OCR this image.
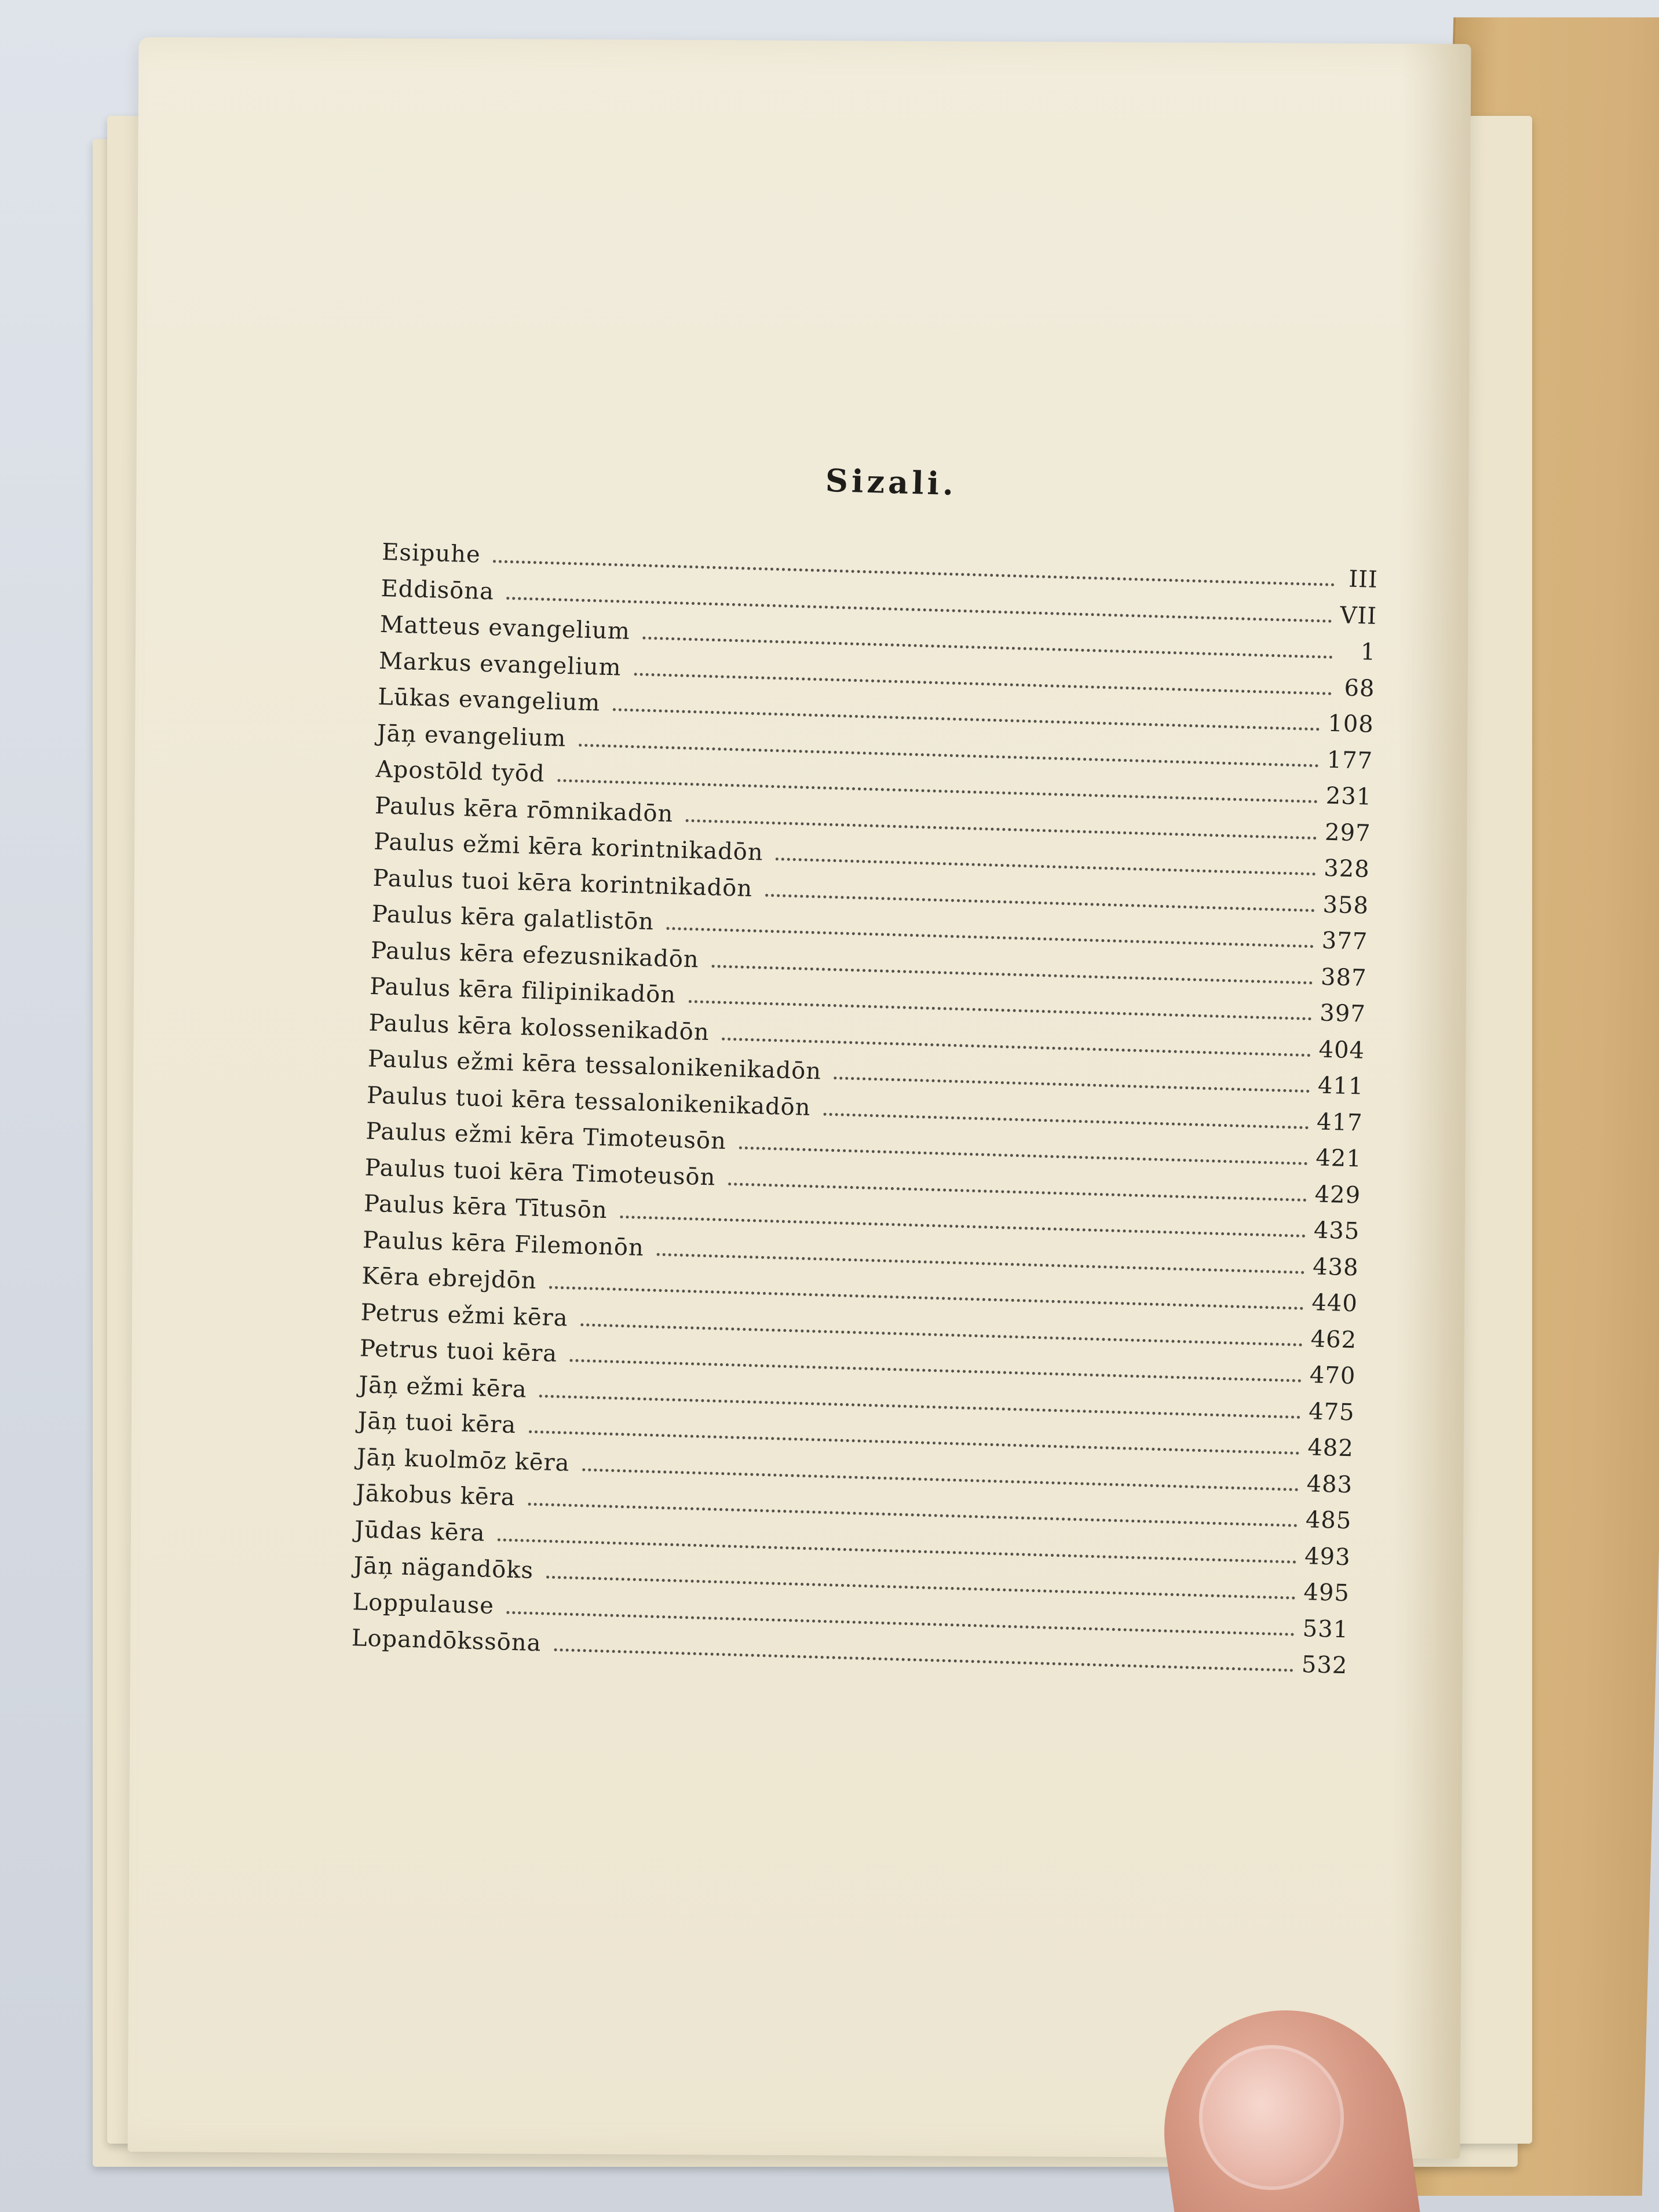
Sizali.
Esipuhe
III
Eddisōna
VII
Matteus evangelium
1
Markus evangelium
68
Lūkas evangelium
108
Jāņ evangelium
177
Apostōld tyōd
231
Paulus kēra rōmnikadōn
297
Paulus ežmi kēra korintnikadōn
328
Paulus tuoi kēra korintnikadōn
358
Paulus kēra galatlistōn
377
Paulus kēra efezusnikadōn
387
Paulus kēra filipinikadōn
397
Paulus kēra kolossenikadōn
404
Paulus ežmi kēra tessalonikenikadōn
411
Paulus tuoi kēra tessalonikenikadōn
417
Paulus ežmi kēra Timoteusōn
421
Paulus tuoi kēra Timoteusōn
429
Paulus kēra Tītusōn
435
Paulus kēra Filemonōn
438
Kēra ebrejdōn
440
Petrus ežmi kēra
462
Petrus tuoi kēra
470
Jāņ ežmi kēra
475
Jāņ tuoi kēra
482
Jāņ kuolmōz kēra
483
Jākobus kēra
485
Jūdas kēra
493
Jāņ nägandōks
495
Loppulause
531
Lopandōkssōna
532
